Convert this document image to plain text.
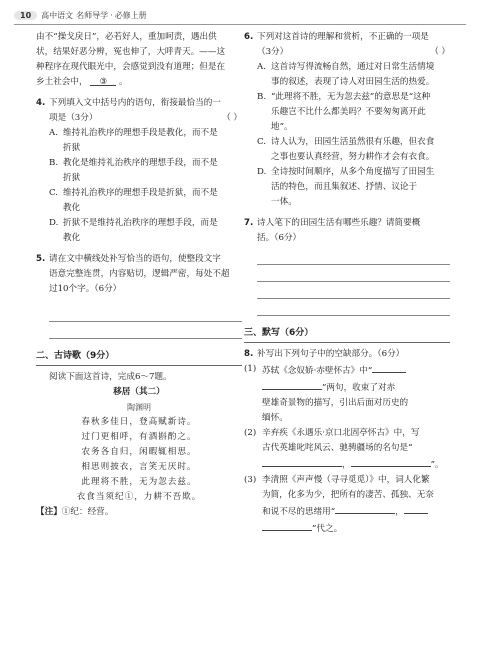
10	高中语文 名师导学 · 必修上册

由不“操戈戾日”，必若好人，重加呵责，遇出供

状，结果好恶分辨，冤也伸了，大呼青天。——这

种程序在现代眼光中，会感觉到没有道理；但是在

乡土社会中， ③ 。

4. 下列填入文中括号内的语句，衔接最恰当的一

项是（3分）	（ ）

A. 维持礼治秩序的理想手段是教化，而不是

折狱

B. 教化是维持礼治秩序的理想手段，而不是

折狱

C. 维持礼治秩序的理想手段是折狱，而不是

教化

D. 折狱不是维持礼治秩序的理想手段，而是

教化

5. 请在文中横线处补写恰当的语句，使整段文字

语意完整连贯，内容贴切，逻辑严密，每处不超

过10个字。（6分）

二、古诗歌（9分）

阅读下面这首诗，完成6～7题。

移居（其二）

陶渊明

春秋多佳日，登高赋新诗。

过门更相呼，有酒斟酌之。

农务各自归，闲暇辄相思。

相思则披衣，言笑无厌时。

此理将不胜，无为忽去兹。

衣食当须纪①，力耕不吾欺。

【注】①纪：经营。

6. 下列对这首诗的理解和赏析，不正确的一项是

（3分）	（ ）

A. 这首诗写得流畅自然，通过对日常生活情境

事的叙述，表现了诗人对田园生活的热爱。

B. “此理将不胜，无为忽去兹”的意思是“这种

乐趣岂不比什么都美吗？不要匆匆离开此

地”。

C. 诗人认为，田园生活虽然很有乐趣，但衣食

之事也要认真经营，努力耕作才会有衣食。

D. 全诗按时间顺序，从多个角度描写了田园生

活的特色，而且集叙述、抒情、议论于

一体。

7. 诗人笔下的田园生活有哪些乐趣？请简要概

括。（6分）

三、默写（6分）
8. 补写出下列句子中的空缺部分。（6分）

(1) 苏轼《念奴娇·赤壁怀古》中“

”两句，收束了对赤

壁雄奇景物的描写，引出后面对历史的

缅怀。

(2) 辛弃疾《永遇乐·京口北固亭怀古》中，写

古代英雄叱咤风云、驰骋疆场的名句是“

，	”。

(3) 李清照《声声慢（寻寻觅觅）》中，词人化繁

为简，化多为少，把所有的凄苦、孤独、无奈

和说不尽的思绪用“	，

”代之。
